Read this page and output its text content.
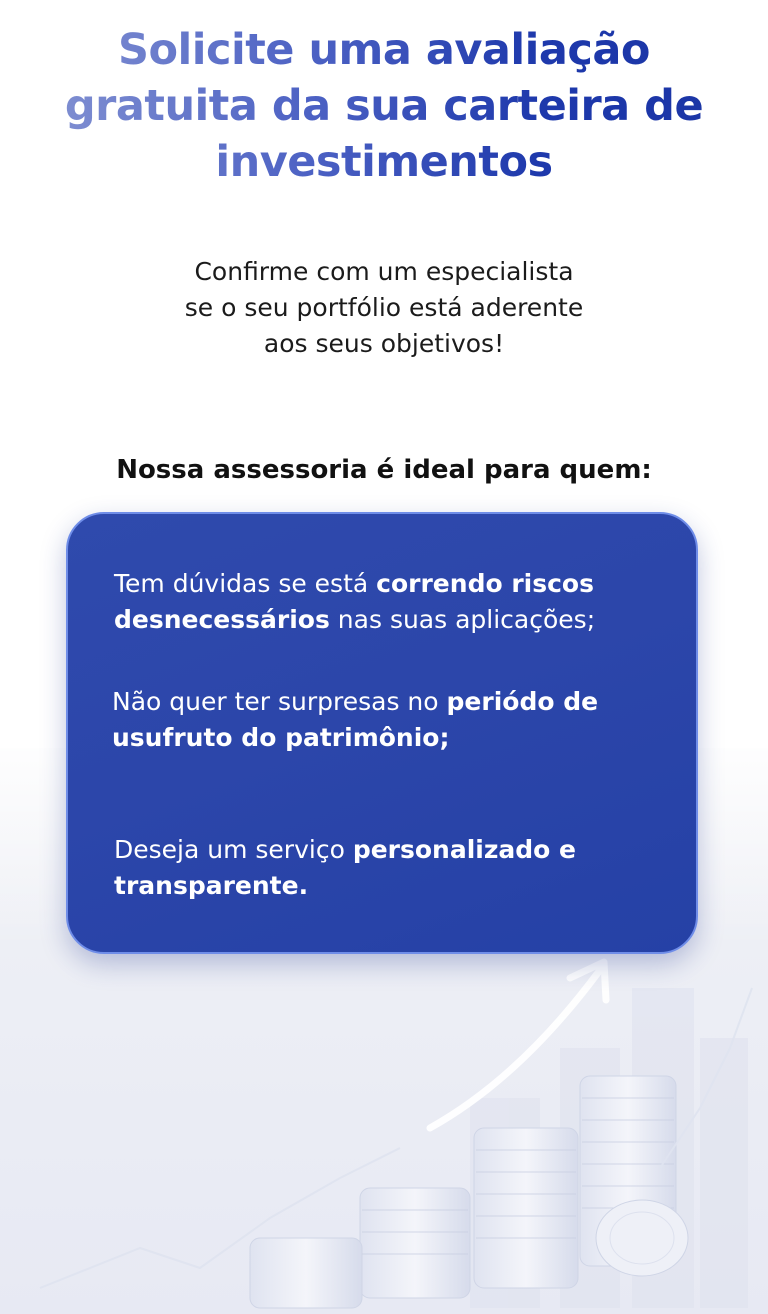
Solicite uma avaliação
gratuita da sua carteira de
investimentos

Confirme com um especialista
se o seu portfólio está aderente
aos seus objetivos!

Nossa assessoria é ideal para quem:

Tem dúvidas se está correndo riscos
desnecessários nas suas aplicações;

Não quer ter surpresas no periódo de
usufruto do patrimônio;

Deseja um serviço personalizado e
transparente.
